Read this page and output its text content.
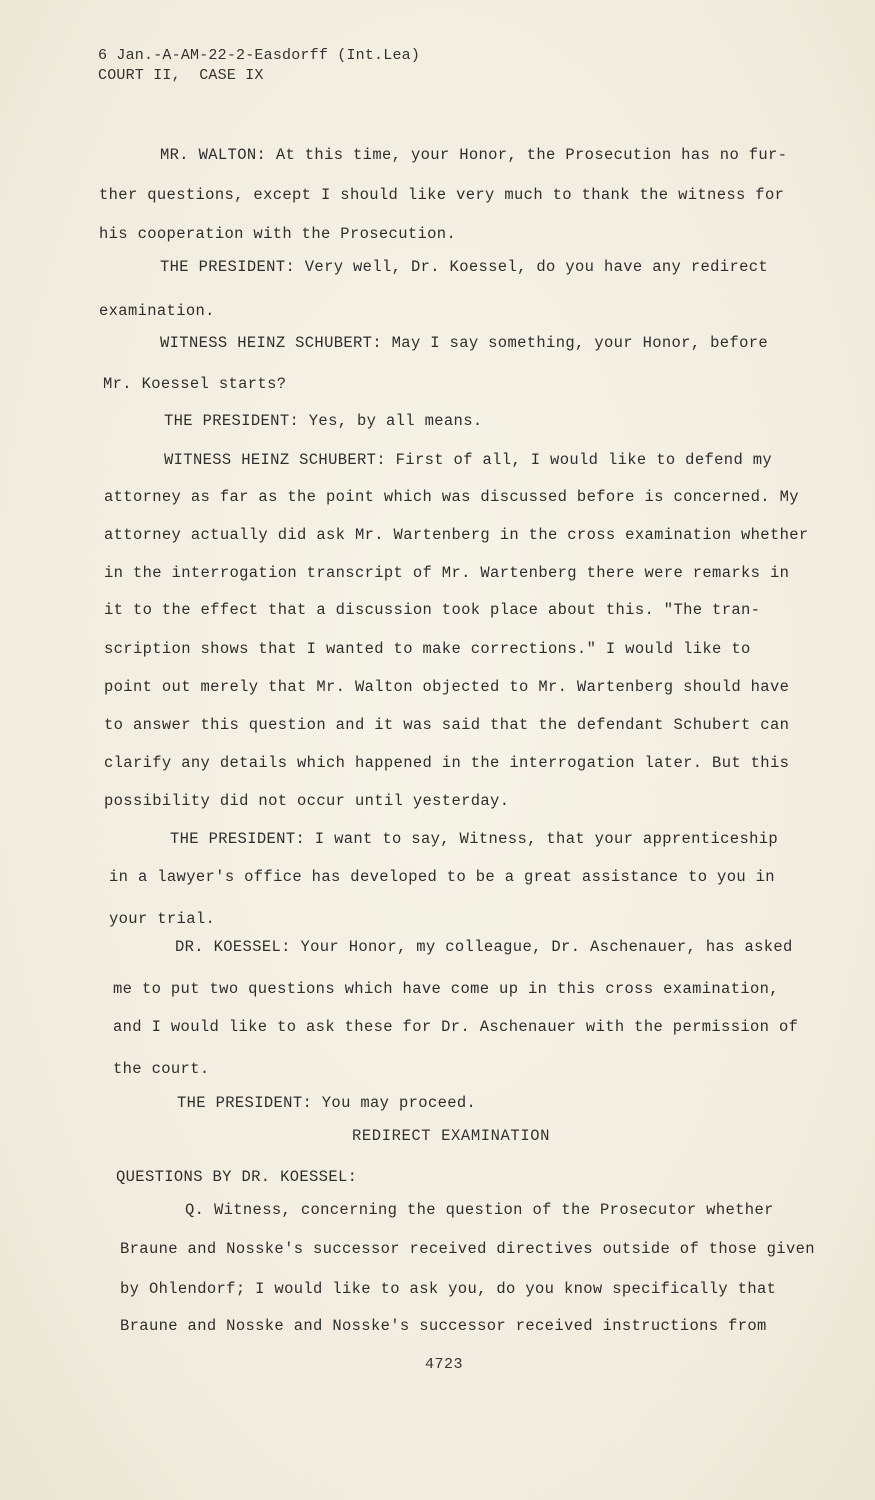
6 Jan.-A-AM-22-2-Easdorff (Int.Lea)
COURT II,  CASE IX
MR. WALTON: At this time, your Honor, the Prosecution has no fur-
ther questions, except I should like very much to thank the witness for
his cooperation with the Prosecution.
THE PRESIDENT: Very well, Dr. Koessel, do you have any redirect
examination.
WITNESS HEINZ SCHUBERT: May I say something, your Honor, before
Mr. Koessel starts?
THE PRESIDENT: Yes, by all means.
WITNESS HEINZ SCHUBERT: First of all, I would like to defend my
attorney as far as the point which was discussed before is concerned. My
attorney actually did ask Mr. Wartenberg in the cross examination whether
in the interrogation transcript of Mr. Wartenberg there were remarks in
it to the effect that a discussion took place about this. "The tran-
scription shows that I wanted to make corrections." I would like to
point out merely that Mr. Walton objected to Mr. Wartenberg should have
to answer this question and it was said that the defendant Schubert can
clarify any details which happened in the interrogation later. But this
possibility did not occur until yesterday.
THE PRESIDENT: I want to say, Witness, that your apprenticeship
in a lawyer's office has developed to be a great assistance to you in
your trial.
DR. KOESSEL: Your Honor, my colleague, Dr. Aschenauer, has asked
me to put two questions which have come up in this cross examination,
and I would like to ask these for Dr. Aschenauer with the permission of
the court.
THE PRESIDENT: You may proceed.
REDIRECT EXAMINATION
QUESTIONS BY DR. KOESSEL:
Q. Witness, concerning the question of the Prosecutor whether
Braune and Nosske's successor received directives outside of those given
by Ohlendorf; I would like to ask you, do you know specifically that
Braune and Nosske and Nosske's successor received instructions from
4723
